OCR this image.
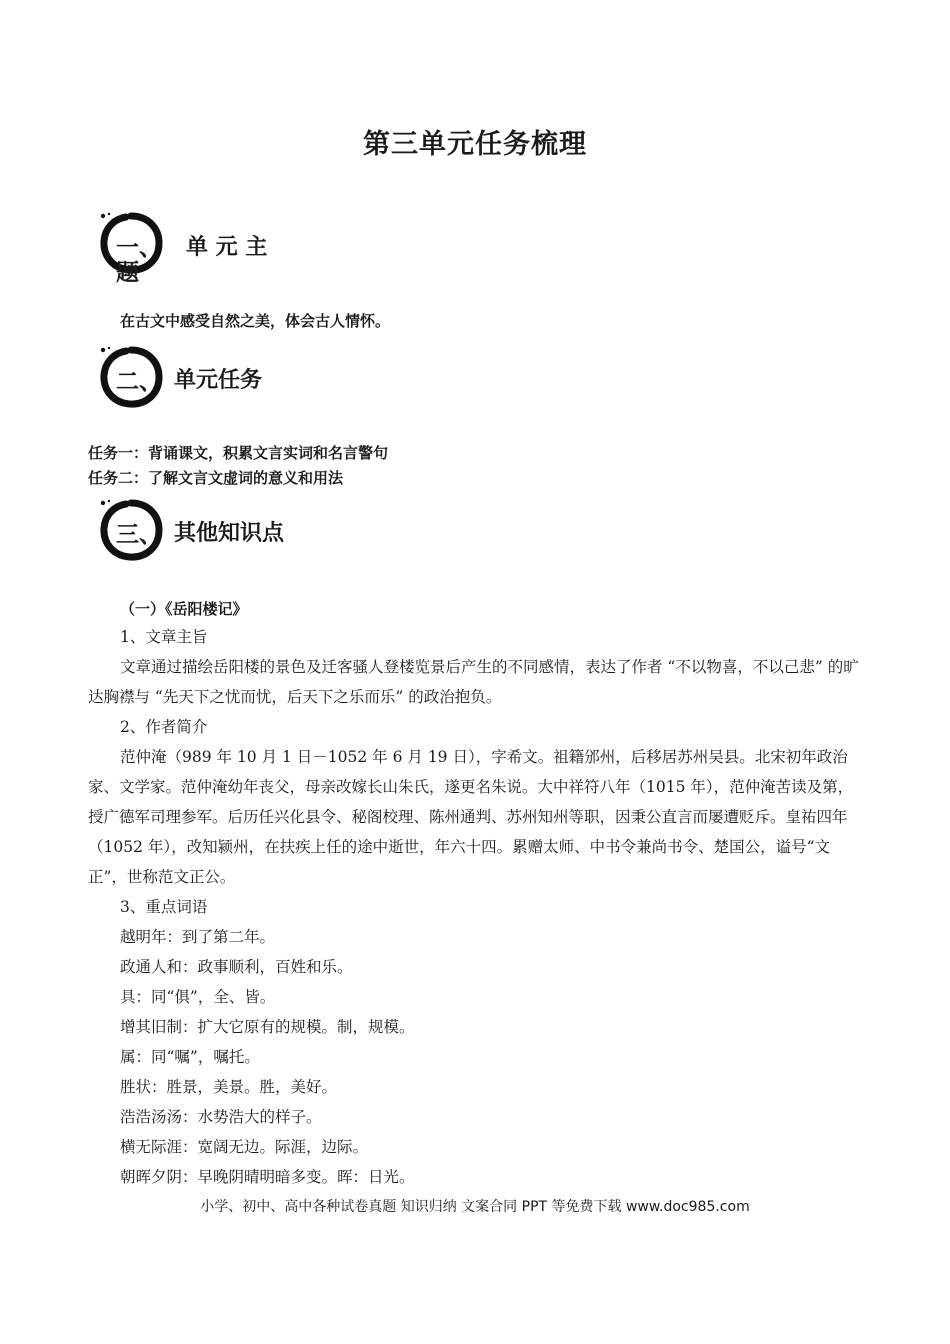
第三单元任务梳理
一、
题
单 元 主
在古文中感受自然之美，体会古人情怀。
二、 单元任务
任务一：背诵课文，积累文言实词和名言警句
任务二：了解文言文虚词的意义和用法
三、 其他知识点
（一）《岳阳楼记》

1、文章主旨

文章通过描绘岳阳楼的景色及迁客骚人登楼览景后产生的不同感情，表达了作者 “不以物喜，不以己悲” 的旷达胸襟与 “先天下之忧而忧，后天下之乐而乐” 的政治抱负。

2、作者简介

范仲淹（989 年 10 月 1 日－1052 年 6 月 19 日），字希文。祖籍邠州，后移居苏州吴县。北宋初年政治家、文学家。范仲淹幼年丧父，母亲改嫁长山朱氏，遂更名朱说。大中祥符八年（1015 年），范仲淹苦读及第，授广德军司理参军。后历任兴化县令、秘阁校理、陈州通判、苏州知州等职，因秉公直言而屡遭贬斥。皇祐四年（1052 年），改知颍州，在扶疾上任的途中逝世，年六十四。累赠太师、中书令兼尚书令、楚国公，谥号“文正”，世称范文正公。

3、重点词语

越明年：到了第二年。

政通人和：政事顺利，百姓和乐。

具：同“俱”，全、皆。

增其旧制：扩大它原有的规模。制，规模。

属：同“嘱”，嘱托。

胜状：胜景，美景。胜，美好。

浩浩汤汤：水势浩大的样子。

横无际涯：宽阔无边。际涯，边际。

朝晖夕阴：早晚阴晴明暗多变。晖：日光。

小学、初中、高中各种试卷真题 知识归纳 文案合同 PPT 等免费下载 www.doc985.com
